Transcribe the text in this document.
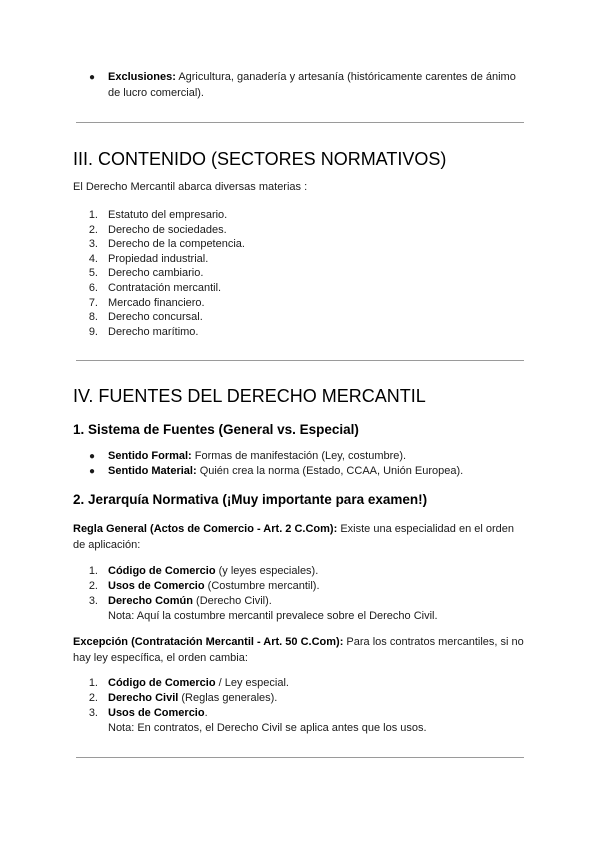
● Exclusiones: Agricultura, ganadería y artesanía (históricamente carentes de ánimo
de lucro comercial).
III. CONTENIDO (SECTORES NORMATIVOS)
El Derecho Mercantil abarca diversas materias :
1. Estatuto del empresario.
2. Derecho de sociedades.
3. Derecho de la competencia.
4. Propiedad industrial.
5. Derecho cambiario.
6. Contratación mercantil.
7. Mercado financiero.
8. Derecho concursal.
9. Derecho marítimo.
IV. FUENTES DEL DERECHO MERCANTIL
1. Sistema de Fuentes (General vs. Especial)
● Sentido Formal: Formas de manifestación (Ley, costumbre).
● Sentido Material: Quién crea la norma (Estado, CCAA, Unión Europea).
2. Jerarquía Normativa (¡Muy importante para examen!)
Regla General (Actos de Comercio - Art. 2 C.Com): Existe una especialidad en el orden
de aplicación:
1. Código de Comercio (y leyes especiales).
2. Usos de Comercio (Costumbre mercantil).
3. Derecho Común (Derecho Civil).
Nota: Aquí la costumbre mercantil prevalece sobre el Derecho Civil.
Excepción (Contratación Mercantil - Art. 50 C.Com): Para los contratos mercantiles, si no
hay ley específica, el orden cambia:
1. Código de Comercio / Ley especial.
2. Derecho Civil (Reglas generales).
3. Usos de Comercio.
Nota: En contratos, el Derecho Civil se aplica antes que los usos.
